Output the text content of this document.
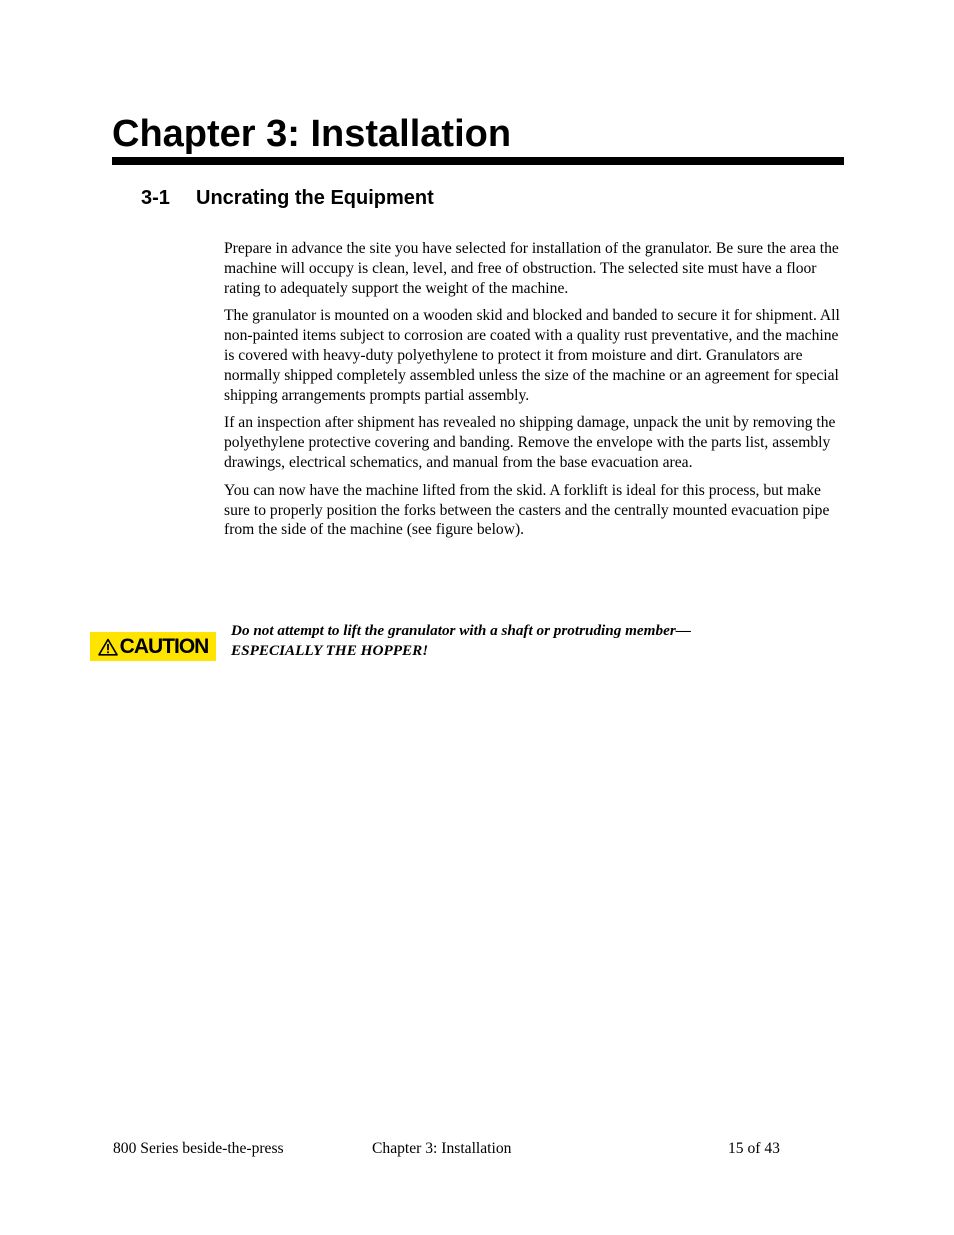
Chapter 3: Installation
3-1 Uncrating the Equipment

Prepare in advance the site you have selected for installation of the granulator. Be sure the area the machine will occupy is clean, level, and free of obstruction. The selected site must have a floor rating to adequately support the weight of the machine.

The granulator is mounted on a wooden skid and blocked and banded to secure it for shipment. All non-painted items subject to corrosion are coated with a quality rust preventative, and the machine is covered with heavy-duty polyethylene to protect it from moisture and dirt. Granulators are normally shipped completely assembled unless the size of the machine or an agreement for special shipping arrangements prompts partial assembly.

If an inspection after shipment has revealed no shipping damage, unpack the unit by removing the polyethylene protective covering and banding. Remove the envelope with the parts list, assembly drawings, electrical schematics, and manual from the base evacuation area.

You can now have the machine lifted from the skid. A forklift is ideal for this process, but make sure to properly position the forks between the casters and the centrally mounted evacuation pipe from the side of the machine (see figure below).

CAUTION
Do not attempt to lift the granulator with a shaft or protruding member—
ESPECIALLY THE HOPPER!
800 Series beside-the-press	Chapter 3: Installation	15 of 43
